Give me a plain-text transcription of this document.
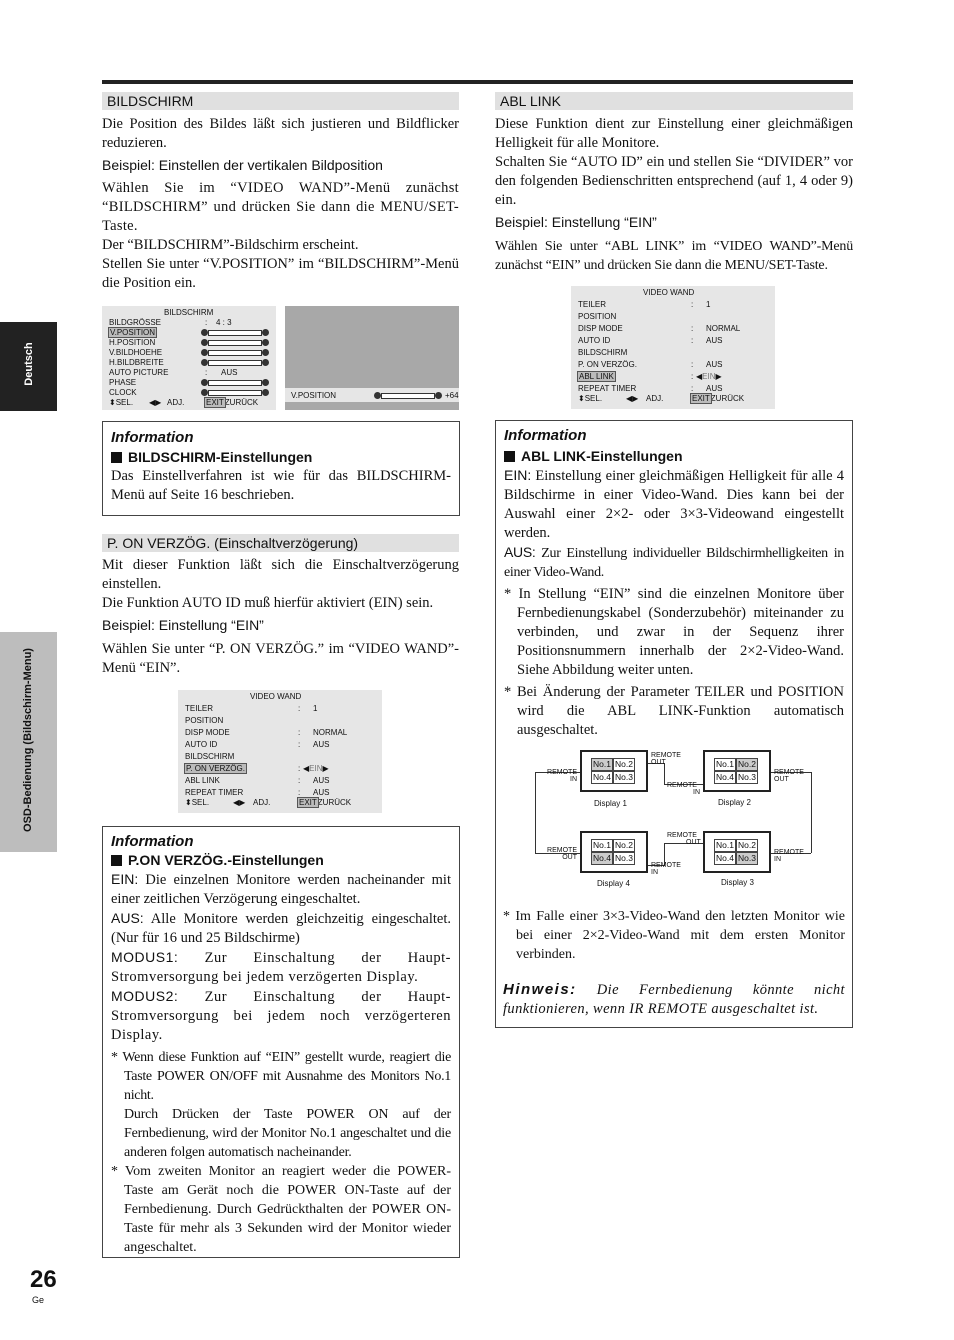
Deutsch
OSD-Bedienung (Bildschirm-Menu)
BILDSCHIRM
Die Position des Bildes läßt sich justieren und Bildflicker reduzieren.
Beispiel: Einstellen der vertikalen Bildposition
Wählen Sie im “VIDEO WAND”-Menü zunächst “BILDSCHIRM” und drücken Sie dann die MENU/SET-Taste.
Der “BILDSCHIRM”-Bildschirm erscheint.
Stellen Sie unter “V.POSITION” im “BILDSCHIRM”-Menü die Position ein.
BILDSCHIRM
BILDGRÖSSE	: 4 : 3
V.POSITION
H.POSITION
V.BILDHOEHE
H.BILDBREITE
AUTO PICTURE	: AUS
PHASE
CLOCK
⬍SEL. ◀▶ ADJ.	EXITZURÜCK
V.POSITION	+64
Information
BILDSCHIRM-Einstellungen
Das Einstellverfahren ist wie für das BILDSCHIRM-Menü auf Seite 16 beschrieben.
P. ON VERZÖG. (Einschaltverzögerung)
Mit dieser Funktion läßt sich die Einschaltverzögerung einstellen.
Die Funktion AUTO ID muß hierfür aktiviert (EIN) sein.
Beispiel: Einstellung “EIN”
Wählen Sie unter “P. ON VERZÖG.” im “VIDEO WAND”-Menü “EIN”.
VIDEO WAND
TEILER	: 1
POSITION
DISP MODE	: NORMAL
AUTO ID	: AUS
BILDSCHIRM
P. ON VERZÖG.	: ◀EIN▶
ABL LINK	: AUS
REPEAT TIMER	: AUS
⬍SEL.	◀▶ ADJ.	EXITZURÜCK
Information
P.ON VERZÖG.-Einstellungen
EIN: Die einzelnen Monitore werden nacheinander mit einer zeitlichen Verzögerung eingeschaltet.
AUS: Alle Monitore werden gleichzeitig eingeschaltet. (Nur für 16 und 25 Bildschirme)
MODUS1: Zur Einschaltung der Haupt-Stromversorgung bei jedem verzögerten Display.
MODUS2: Zur Einschaltung der Haupt-Stromversorgung bei jedem noch verzögerteren Display.
* Wenn diese Funktion auf “EIN” gestellt wurde, reagiert die Taste POWER ON/OFF mit Ausnahme des Monitors No.1 nicht.
Durch Drücken der Taste POWER ON auf der Fernbedienung, wird der Monitor No.1 angeschaltet und die anderen folgen automatisch nacheinander.
* Vom zweiten Monitor an reagiert weder die POWER-Taste am Gerät noch die POWER ON-Taste auf der Fernbedienung. Durch Gedrückthalten der POWER ON-Taste für mehr als 3 Sekunden wird der Monitor wieder angeschaltet.
ABL LINK
Diese Funktion dient zur Einstellung einer gleichmäßigen Helligkeit für alle Monitore.
Schalten Sie “AUTO ID” ein und stellen Sie “DIVIDER” vor den folgenden Bedienschritten entsprechend (auf 1, 4 oder 9) ein.
Beispiel: Einstellung “EIN”
Wählen Sie unter “ABL LINK” im “VIDEO WAND”-Menü zunächst “EIN” und drücken Sie dann die MENU/SET-Taste.
VIDEO WAND
TEILER	: 1
POSITION
DISP MODE	: NORMAL
AUTO ID	: AUS
BILDSCHIRM
P. ON VERZÖG.	: AUS
ABL LINK	: ◀EIN▶
REPEAT TIMER	: AUS
⬍SEL.	◀▶ ADJ.	EXITZURÜCK
Information
ABL LINK-Einstellungen
EIN: Einstellung einer gleichmäßigen Helligkeit für alle 4 Bildschirme in einer Video-Wand. Dies kann bei der Auswahl einer 2×2- oder 3×3-Videowand eingestellt werden.
AUS: Zur Einstellung individueller Bildschirmhelligkeiten in einer Video-Wand.
* In Stellung “EIN” sind die einzelnen Monitore über Fernbedienungskabel (Sonderzubehör) miteinander zu verbinden, und zwar in der Sequenz ihrer Positionsnummern innerhalb der 2×2-Video-Wand. Siehe Abbildung weiter unten.
* Bei Änderung der Parameter TEILER und POSITION wird die ABL LINK-Funktion automatisch ausgeschaltet.
No.1 No.2
No.4 No.3
Display 1
No.1 No.2
No.4 No.3
Display 2
No.1 No.2
No.4 No.3
Display 4
No.1 No.2
No.4 No.3
Display 3
REMOTE
IN
REMOTE
OUT
REMOTE
IN
REMOTE
OUT
REMOTE
OUT
REMOTE
OUT
REMOTE
IN
REMOTE
IN
* Im Falle einer 3×3-Video-Wand den letzten Monitor wie bei einer 2×2-Video-Wand mit dem ersten Monitor verbinden.
Hinweis: Die Fernbedienung könnte nicht funktionieren, wenn IR REMOTE ausgeschaltet ist.
26
Ge
